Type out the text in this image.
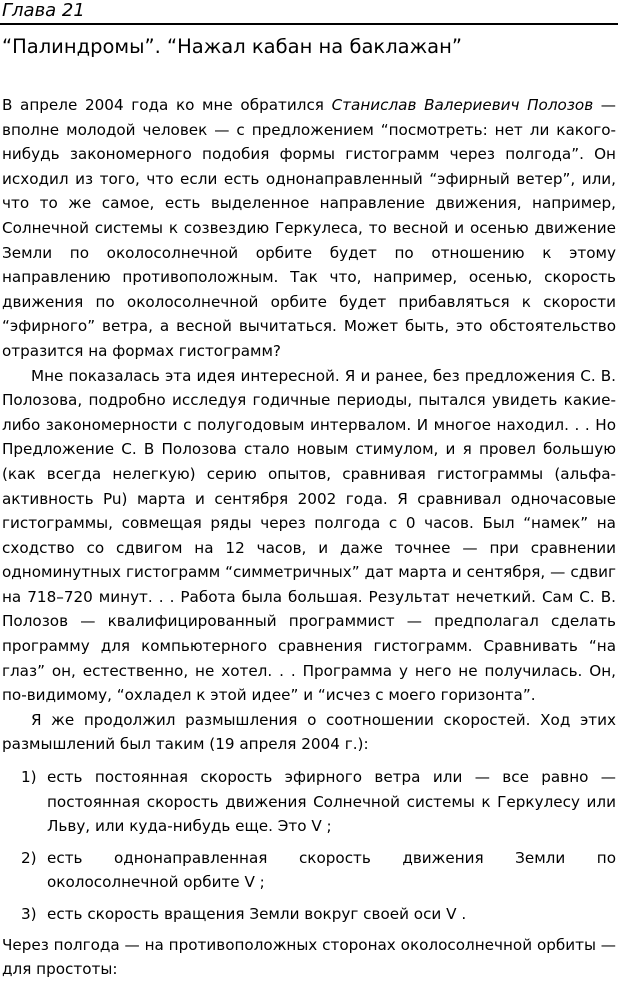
Глава 21
“Палиндромы”. “Нажал кабан на баклажан”

В апреле 2004 года ко мне обратился Станислав Валериевич Полозов — вполне молодой человек — с предложением “посмотреть: нет ли какого-нибудь закономерного подобия формы гистограмм через полгода”. Он исходил из того, что если есть однонаправленный “эфирный ветер”, или, что то же самое, есть выделенное направление движения, например, Солнечной системы к созвездию Геркулеса, то весной и осенью движение Земли по околосолнечной орбите будет по отношению к этому направлению противоположным. Так что, например, осенью, скорость движения по околосолнечной орбите будет прибавляться к скорости “эфирного” ветра, а весной вычитаться. Может быть, это обстоятельство отразится на формах гистограмм?

Мне показалась эта идея интересной. Я и ранее, без предложения С. В. Полозова, подробно исследуя годичные периоды, пытался увидеть какие-либо закономерности с полугодовым интервалом. И многое находил. . . Но Предложение С. В Полозова стало новым стимулом, и я провел большую (как всегда нелегкую) серию опытов, сравнивая гистограммы (альфа-активность Pu) марта и сентября 2002 года. Я сравнивал одночасовые гистограммы, совмещая ряды через полгода с 0 часов. Был “намек” на сходство со сдвигом на 12 часов, и даже точнее — при сравнении одноминутных гистограмм “симметричных” дат марта и сентября, — сдвиг на 718–720 минут. . . Работа была большая. Результат нечеткий. Сам С. В. Полозов — квалифицированный программист — предполагал сделать программу для компьютерного сравнения гистограмм. Сравнивать “на глаз” он, естественно, не хотел. . . Программа у него не получилась. Он, по-видимому, “охладел к этой идее” и “исчез с моего горизонта”.

Я же продолжил размышления о соотношении скоростей. Ход этих размышлений был таким (19 апреля 2004 г.):

1) есть постоянная скорость эфирного ветра или — все равно — постоянная скорость движения Солнечной системы к Геркулесу или Льву, или куда-нибудь еще. Это V ;
2) есть однонаправленная скорость движения Земли по околосолнечной орбите V ;
3) есть скорость вращения Земли вокруг своей оси V .

Через полгода — на противоположных сторонах околосолнечной орбиты — для простоты:
